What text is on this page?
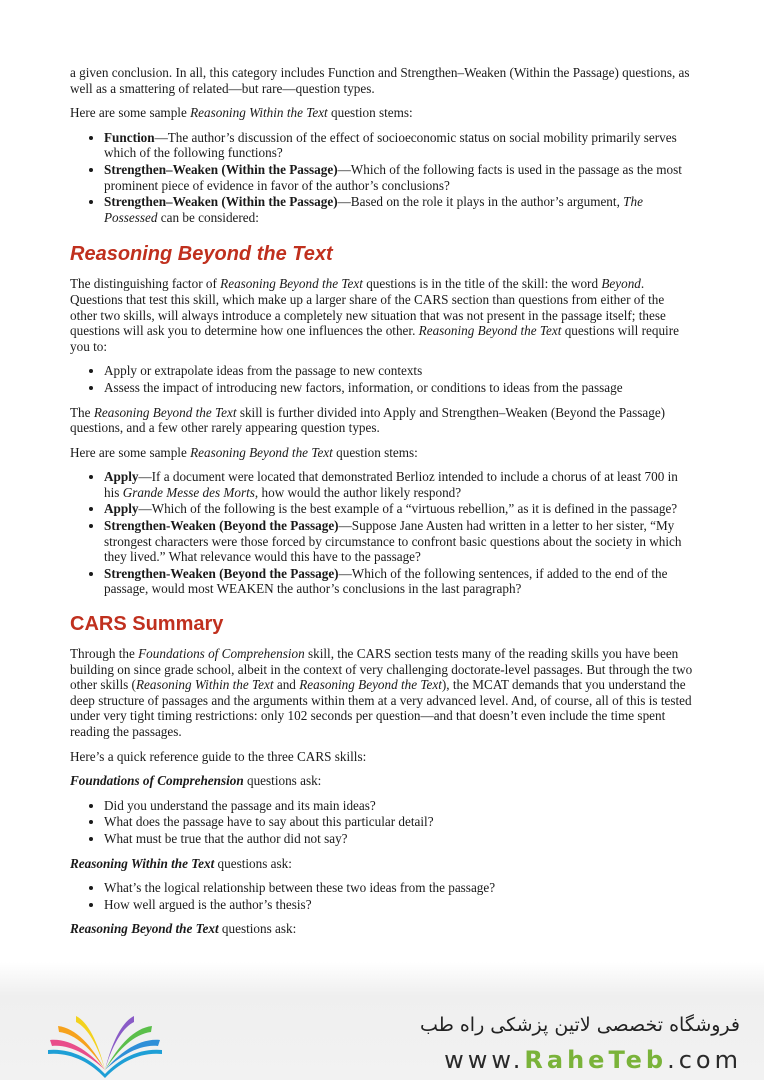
a given conclusion. In all, this category includes Function and Strengthen–Weaken (Within the Passage) questions, as well as a smattering of related—but rare—question types.

Here are some sample Reasoning Within the Text question stems:

• Function—The author’s discussion of the effect of socioeconomic status on social mobility primarily serves which of the following functions?
• Strengthen–Weaken (Within the Passage)—Which of the following facts is used in the passage as the most prominent piece of evidence in favor of the author’s conclusions?
• Strengthen–Weaken (Within the Passage)—Based on the role it plays in the author’s argument, The Possessed can be considered:
Reasoning Beyond the Text

The distinguishing factor of Reasoning Beyond the Text questions is in the title of the skill: the word Beyond. Questions that test this skill, which make up a larger share of the CARS section than questions from either of the other two skills, will always introduce a completely new situation that was not present in the passage itself; these questions will ask you to determine how one influences the other. Reasoning Beyond the Text questions will require you to:

• Apply or extrapolate ideas from the passage to new contexts
• Assess the impact of introducing new factors, information, or conditions to ideas from the passage

The Reasoning Beyond the Text skill is further divided into Apply and Strengthen–Weaken (Beyond the Passage) questions, and a few other rarely appearing question types.

Here are some sample Reasoning Beyond the Text question stems:

• Apply—If a document were located that demonstrated Berlioz intended to include a chorus of at least 700 in his Grande Messe des Morts, how would the author likely respond?
• Apply—Which of the following is the best example of a “virtuous rebellion,” as it is defined in the passage?
• Strengthen-Weaken (Beyond the Passage)—Suppose Jane Austen had written in a letter to her sister, “My strongest characters were those forced by circumstance to confront basic questions about the society in which they lived.” What relevance would this have to the passage?
• Strengthen-Weaken (Beyond the Passage)—Which of the following sentences, if added to the end of the passage, would most WEAKEN the author’s conclusions in the last paragraph?
CARS Summary

Through the Foundations of Comprehension skill, the CARS section tests many of the reading skills you have been building on since grade school, albeit in the context of very challenging doctorate-level passages. But through the two other skills (Reasoning Within the Text and Reasoning Beyond the Text), the MCAT demands that you understand the deep structure of passages and the arguments within them at a very advanced level. And, of course, all of this is tested under very tight timing restrictions: only 102 seconds per question—and that doesn’t even include the time spent reading the passages.

Here’s a quick reference guide to the three CARS skills:

Foundations of Comprehension questions ask:

• Did you understand the passage and its main ideas?
• What does the passage have to say about this particular detail?
• What must be true that the author did not say?

Reasoning Within the Text questions ask:

• What’s the logical relationship between these two ideas from the passage?
• How well argued is the author’s thesis?

Reasoning Beyond the Text questions ask:

فروشگاه تخصصی لاتین پزشکی راه طب
www.RaheTeb.com
